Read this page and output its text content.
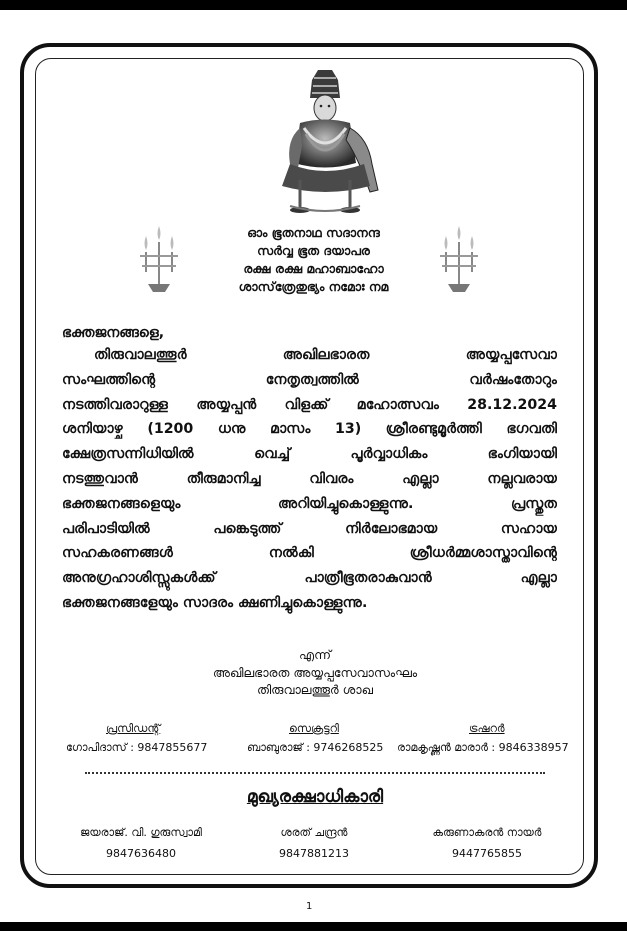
ഓം ഭൂതനാഥ സദാനന്ദ
സർവ്വ ഭൂത ദയാപര
രക്ഷ രക്ഷ മഹാബാഹോ
ശാസ്‌ത്രേതുഭ്യം നമോഃ നമ
ഭക്തജനങ്ങളെ,
തിരുവാലത്തൂർ അഖിലഭാരത അയ്യപ്പസേവാ
സംഘത്തിന്റെ നേതൃത്വത്തിൽ വർഷംതോറും
നടത്തിവരാറുള്ള അയ്യപ്പൻ വിളക്ക് മഹോത്സവം 28.12.2024
ശനിയാഴ്ച (1200 ധനു മാസം 13) ശ്രീരണ്ടുമൂർത്തി ഭഗവതി
ക്ഷേത്രസന്നിധിയിൽ വെച്ച് പൂർവ്വാധികം ഭംഗിയായി
നടത്തുവാൻ തീരുമാനിച്ച വിവരം എല്ലാ നല്ലവരായ
ഭക്തജനങ്ങളെയും അറിയിച്ചുകൊള്ളുന്നു. പ്രസ്തുത
പരിപാടിയിൽ പങ്കെടുത്ത് നിർലോഭമായ സഹായ
സഹകരണങ്ങൾ നൽകി ശ്രീധർമ്മശാസ്താവിന്റെ
അനുഗ്രഹാശിസ്സുകൾക്ക് പാത്രീഭൂതരാകുവാൻ എല്ലാ
ഭക്തജനങ്ങളേയും സാദരം ക്ഷണിച്ചുകൊള്ളുന്നു.
എന്ന്
അഖിലഭാരത അയ്യപ്പസേവാസംഘം
തിരുവാലത്തൂർ ശാഖ
പ്രസിഡന്റ്
ഗോപിദാസ് : 9847855677
സെക്രട്ടറി
ബാബുരാജ് : 9746268525
ട്രഷറർ
രാമകൃഷ്ണൻ മാരാർ : 9846338957
മുഖ്യരക്ഷാധികാരി
ജയരാജ്. വി. ഗുരുസ്വാമി
9847636480
ശരത് ചന്ദ്രൻ
9847881213
കരുണാകരൻ നായർ
9447765855
1
